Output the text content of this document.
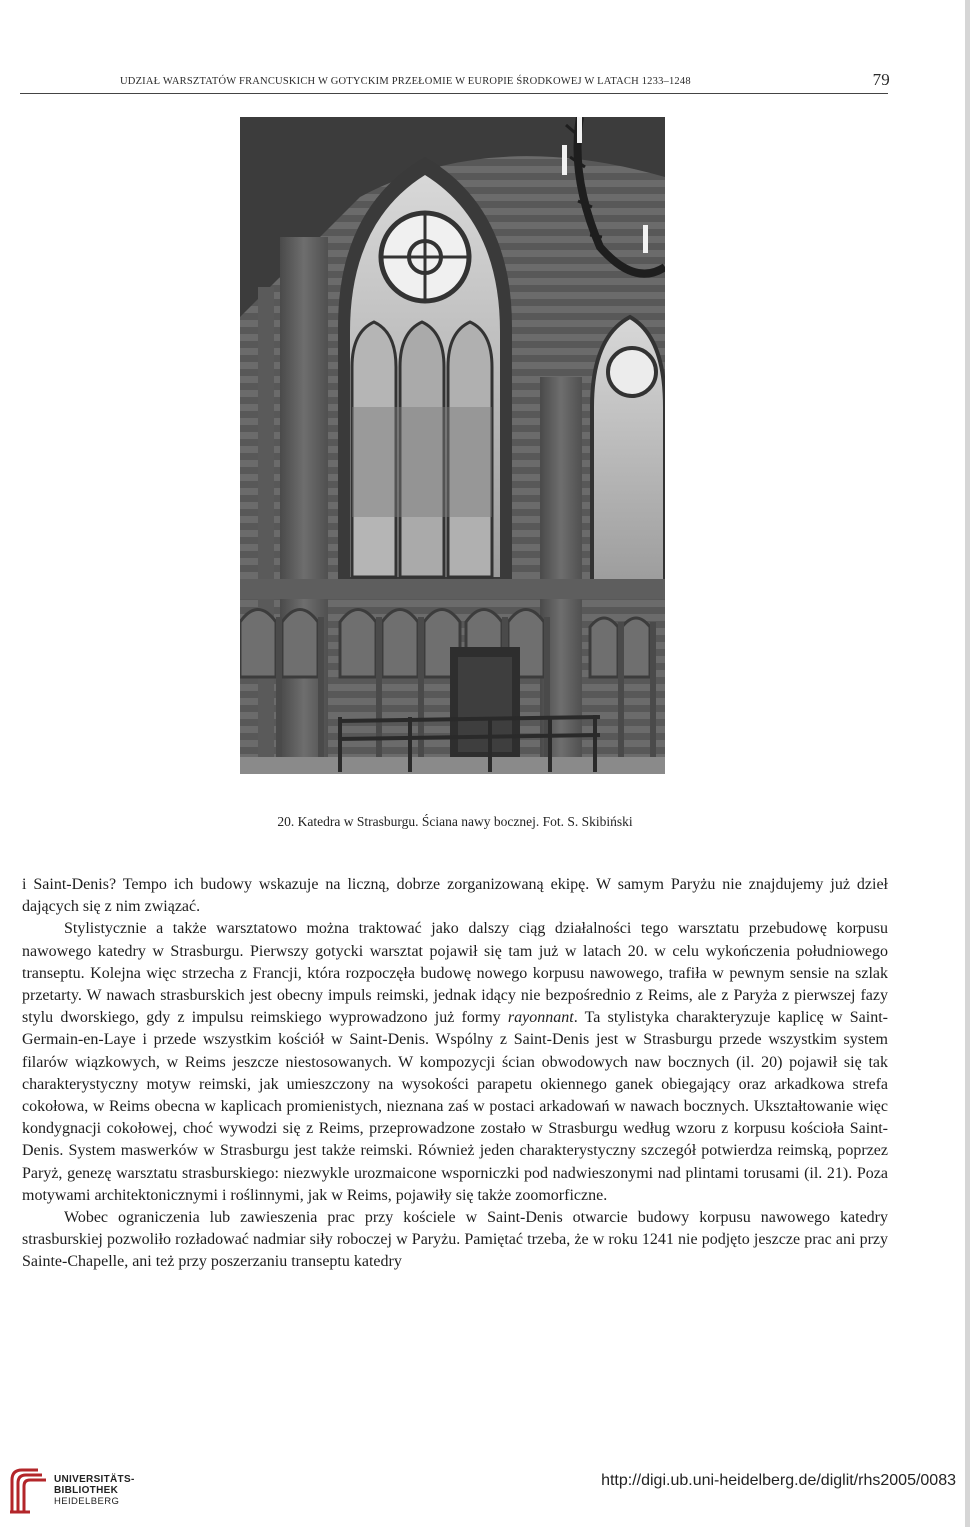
UDZIAŁ WARSZTATÓW FRANCUSKICH W GOTYCKIM PRZEŁOMIE W EUROPIE ŚRODKOWEJ W LATACH 1233–1248	79
20. Katedra w Strasburgu. Ściana nawy bocznej. Fot. S. Skibiński

i Saint-Denis? Tempo ich budowy wskazuje na liczną, dobrze zorganizowaną ekipę. W samym Paryżu nie znajdujemy już dzieł dających się z nim związać.

Stylistycznie a także warsztatowo można traktować jako dalszy ciąg działalności tego warsztatu przebudowę korpusu nawowego katedry w Strasburgu. Pierwszy gotycki warsztat pojawił się tam już w latach 20. w celu wykończenia południowego transeptu. Kolejna więc strzecha z Francji, która rozpoczęła budowę nowego korpusu nawowego, trafiła w pewnym sensie na szlak przetarty. W nawach strasburskich jest obecny impuls reimski, jednak idący nie bezpośrednio z Reims, ale z Paryża z pierwszej fazy stylu dworskiego, gdy z impulsu reimskiego wyprowadzono już formy rayonnant. Ta stylistyka charakteryzuje kaplicę w Saint-Germain-en-Laye i przede wszystkim kościół w Saint-Denis. Wspólny z Saint-Denis jest w Strasburgu przede wszystkim system filarów wiązkowych, w Reims jeszcze niestosowanych. W kompozycji ścian obwodowych naw bocznych (il. 20) pojawił się tak charakterystyczny motyw reimski, jak umieszczony na wysokości parapetu okiennego ganek obiegający oraz arkadkowa strefa cokołowa, w Reims obecna w kaplicach promienistych, nieznana zaś w postaci arkadowań w nawach bocznych. Ukształtowanie więc kondygnacji cokołowej, choć wywodzi się z Reims, przeprowadzone zostało w Strasburgu według wzoru z korpusu kościoła Saint-Denis. System maswerków w Strasburgu jest także reimski. Również jeden charakterystyczny szczegół potwierdza reimską, poprzez Paryż, genezę warsztatu strasburskiego: niezwykle urozmaicone wsporniczki pod nadwieszonymi nad plintami torusami (il. 21). Poza motywami architektonicznymi i roślinnymi, jak w Reims, pojawiły się także zoomorficzne.

Wobec ograniczenia lub zawieszenia prac przy kościele w Saint-Denis otwarcie budowy korpusu nawowego katedry strasburskiej pozwoliło rozładować nadmiar siły roboczej w Paryżu. Pamiętać trzeba, że w roku 1241 nie podjęto jeszcze prac ani przy Sainte-Chapelle, ani też przy poszerzaniu transeptu katedry

UNIVERSITÄTS-
BIBLIOTHEK
HEIDELBERG
http://digi.ub.uni-heidelberg.de/diglit/rhs2005/0083
